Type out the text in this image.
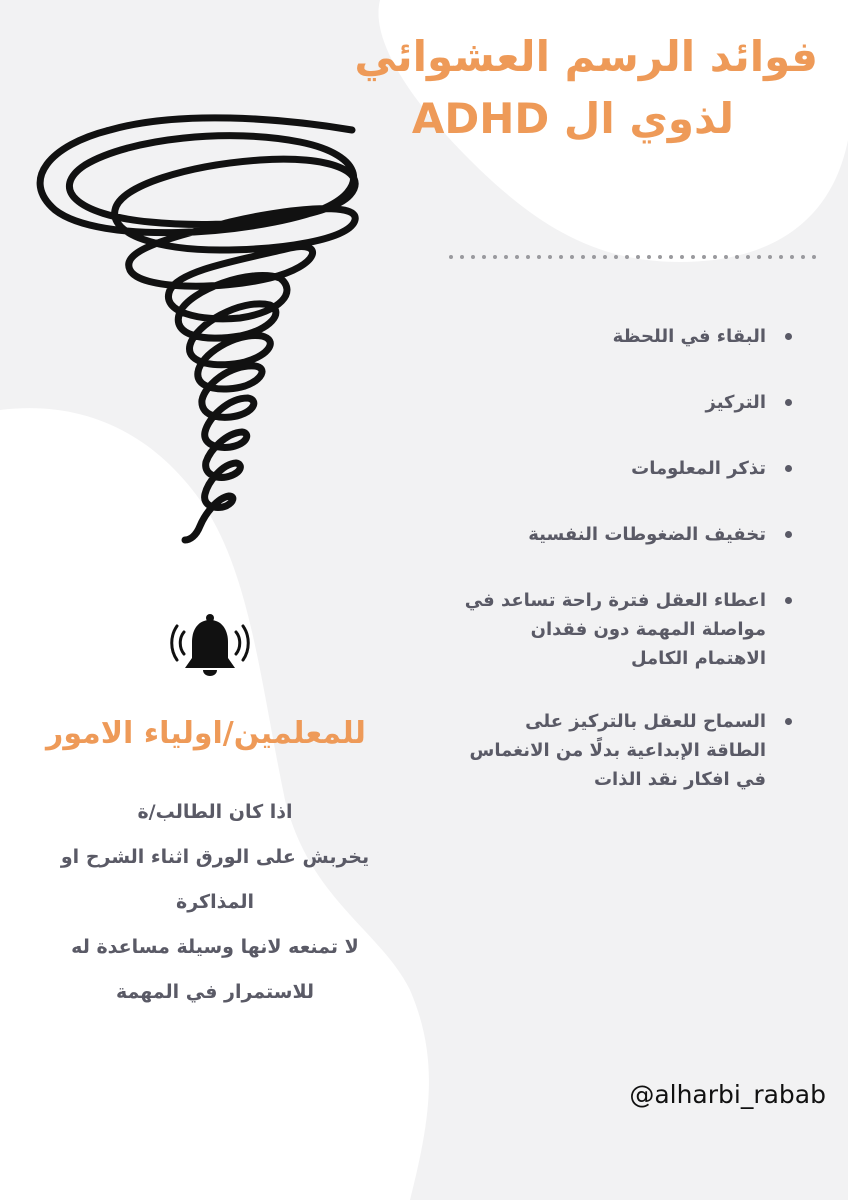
فوائد الرسم العشوائي
لذوي ال ADHD
البقاء في اللحظة
التركيز
تذكر المعلومات
تخفيف الضغوطات النفسية
اعطاء العقل فترة راحة تساعد في مواصلة المهمة دون فقدان الاهتمام الكامل
السماح للعقل بالتركيز على الطاقة الإبداعية بدلًا من الانغماس في افكار نقد الذات
للمعلمين/اولياء الامور
اذا كان الطالب/ة
يخربش على الورق اثناء الشرح او
المذاكرة
لا تمنعه لانها وسيلة مساعدة له
للاستمرار في المهمة
@alharbi_rabab
